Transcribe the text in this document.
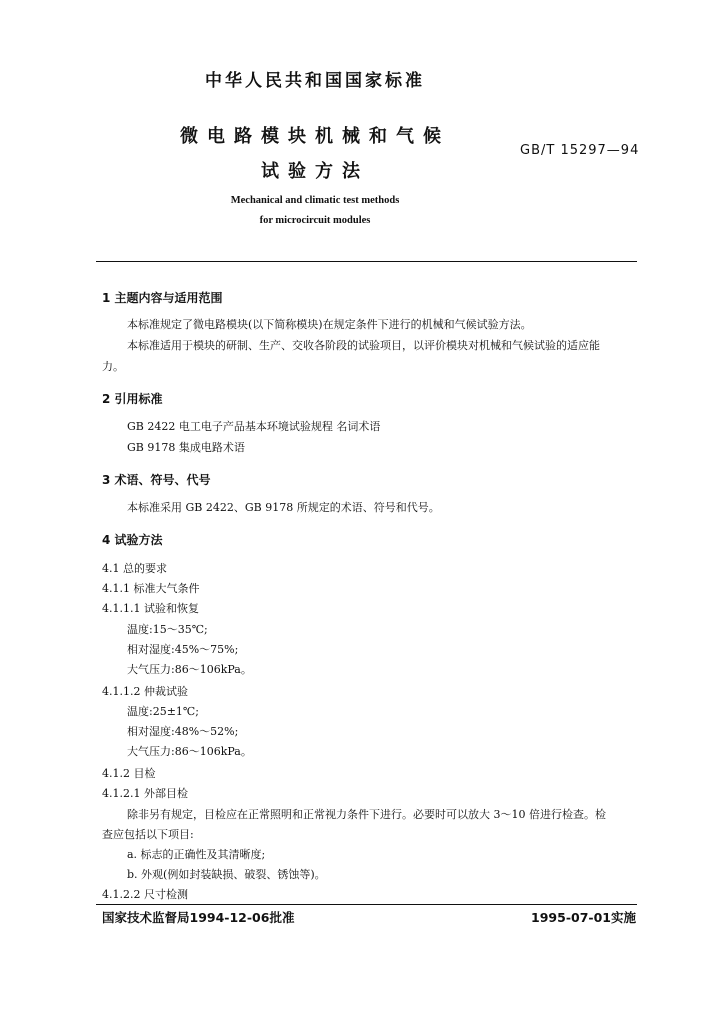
中华人民共和国国家标准
微电路模块机械和气候
试验方法
GB/T 15297—94
Mechanical and climatic test methods
for microcircuit modules
1 主题内容与适用范围
本标准规定了微电路模块(以下简称模块)在规定条件下进行的机械和气候试验方法。
本标准适用于模块的研制、生产、交收各阶段的试验项目，以评价模块对机械和气候试验的适应能
力。
2 引用标准
GB 2422 电工电子产品基本环境试验规程 名词术语
GB 9178 集成电路术语
3 术语、符号、代号
本标准采用 GB 2422、GB 9178 所规定的术语、符号和代号。
4 试验方法
4.1 总的要求
4.1.1 标准大气条件
4.1.1.1 试验和恢复
温度:15～35℃;
相对湿度:45%～75%;
大气压力:86～106kPa。
4.1.1.2 仲裁试验
温度:25±1℃;
相对湿度:48%～52%;
大气压力:86～106kPa。
4.1.2 目检
4.1.2.1 外部目检
除非另有规定，目检应在正常照明和正常视力条件下进行。必要时可以放大 3～10 倍进行检查。检
查应包括以下项目:
a. 标志的正确性及其清晰度;
b. 外观(例如封装缺损、破裂、锈蚀等)。
4.1.2.2 尺寸检测
国家技术监督局1994-12-06批准	1995-07-01实施
